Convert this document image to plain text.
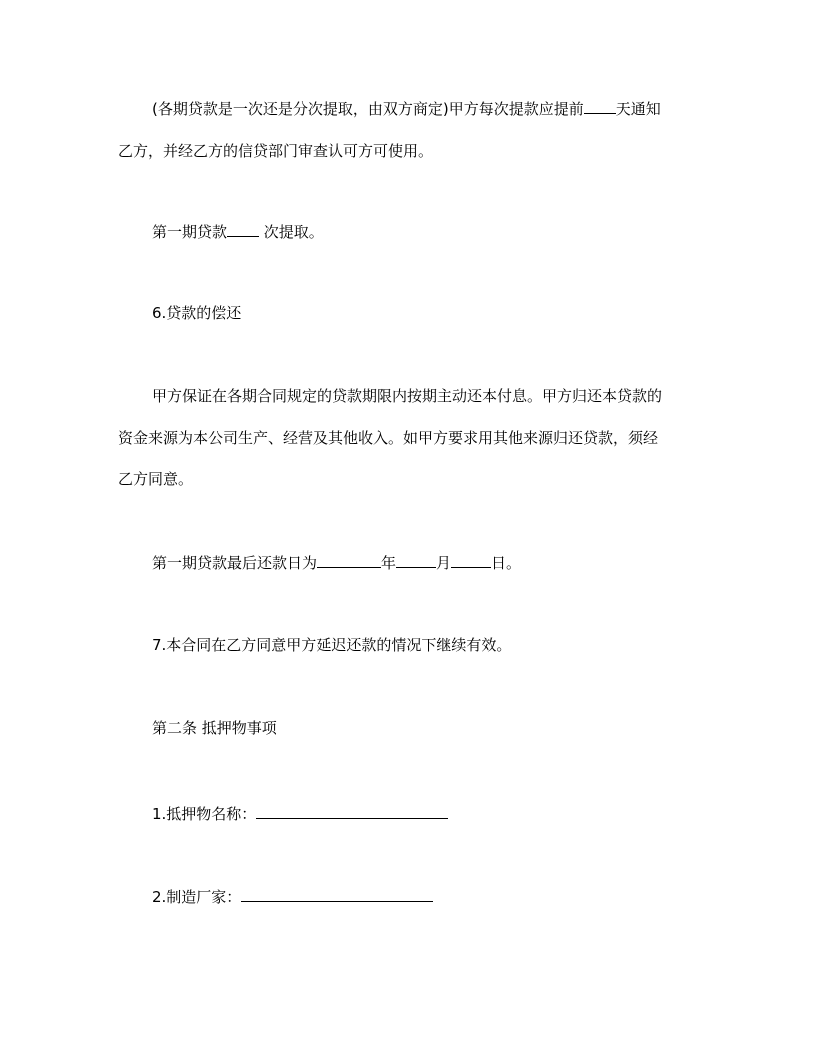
(各期贷款是一次还是分次提取，由双方商定)甲方每次提款应提前 天通知

乙方，并经乙方的信贷部门审查认可方可使用。

第一期贷款 次提取。

6.贷款的偿还

甲方保证在各期合同规定的贷款期限内按期主动还本付息。甲方归还本贷款的

资金来源为本公司生产、经营及其他收入。如甲方要求用其他来源归还贷款，须经

乙方同意。

第一期贷款最后还款日为	年	月	日。

7.本合同在乙方同意甲方延迟还款的情况下继续有效。

第二条 抵押物事项

1.抵押物名称：

2.制造厂家：
